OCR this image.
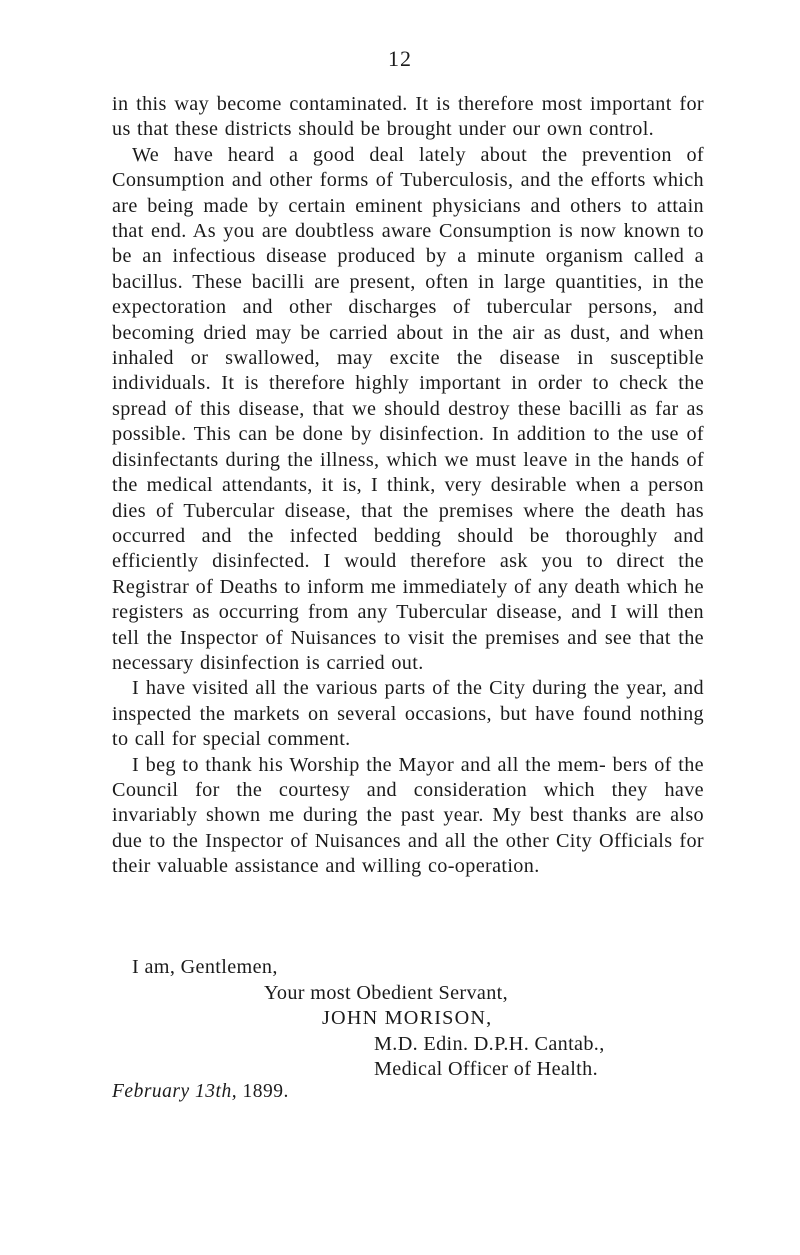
12

in this way become contaminated. It is therefore most important for us that these districts should be brought under our own control.

We have heard a good deal lately about the prevention of Consumption and other forms of Tuberculosis, and the efforts which are being made by certain eminent physicians and others to attain that end. As you are doubtless aware Consumption is now known to be an infectious disease produced by a minute organism called a bacillus. These bacilli are present, often in large quantities, in the expectoration and other discharges of tubercular persons, and becoming dried may be carried about in the air as dust, and when inhaled or swallowed, may excite the disease in susceptible individuals. It is therefore highly important in order to check the spread of this disease, that we should destroy these bacilli as far as possible. This can be done by disinfection. In addition to the use of disinfectants during the illness, which we must leave in the hands of the medical attendants, it is, I think, very desirable when a person dies of Tubercular disease, that the premises where the death has occurred and the infected bedding should be thoroughly and efficiently disinfected. I would therefore ask you to direct the Registrar of Deaths to inform me immediately of any death which he registers as occurring from any Tubercular disease, and I will then tell the Inspector of Nuisances to visit the premises and see that the necessary disinfection is carried out.

I have visited all the various parts of the City during the year, and inspected the markets on several occasions, but have found nothing to call for special comment.

I beg to thank his Worship the Mayor and all the mem- bers of the Council for the courtesy and consideration which they have invariably shown me during the past year. My best thanks are also due to the Inspector of Nuisances and all the other City Officials for their valuable assistance and willing co-operation.

I am, Gentlemen,
Your most Obedient Servant,
JOHN MORISON,
M.D. Edin. D.P.H. Cantab.,
Medical Officer of Health.
February 13th, 1899.
